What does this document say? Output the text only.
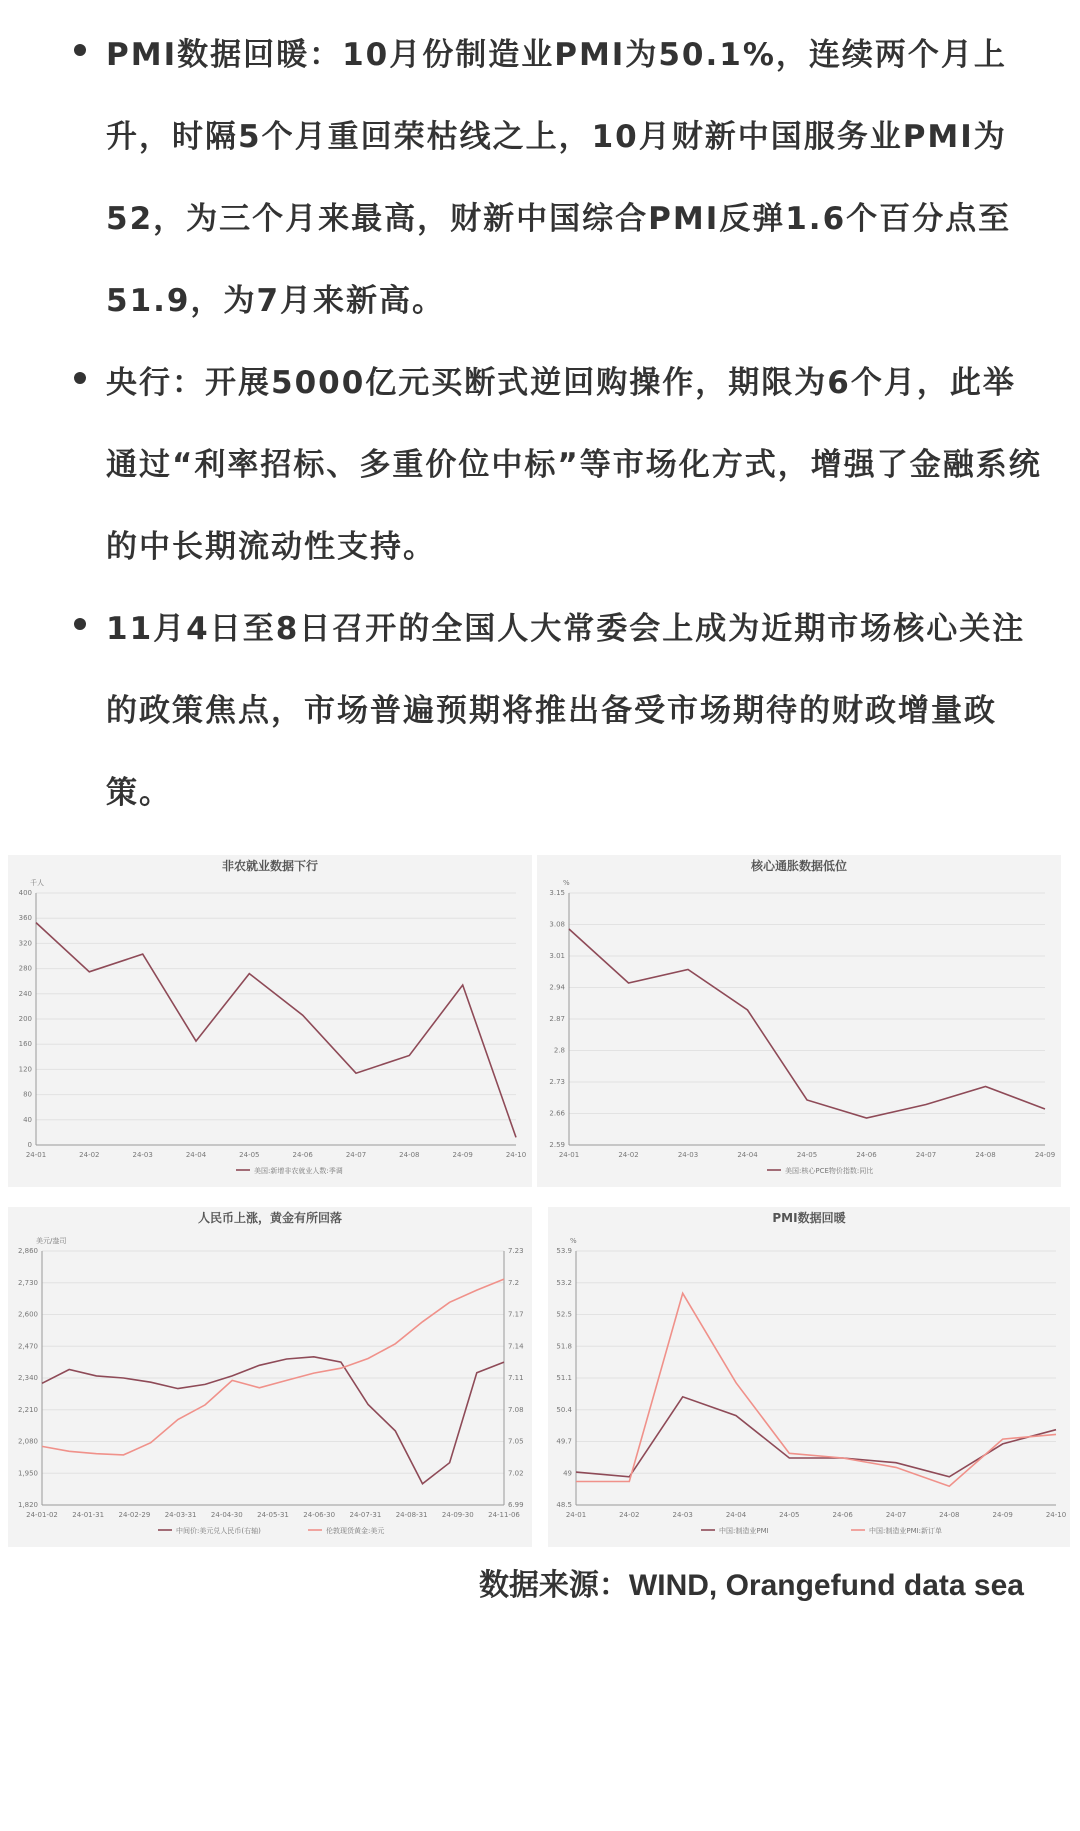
PMI数据回暖：10月份制造业PMI为50.1%，连续两个月上升，时隔5个月重回荣枯线之上，10月财新中国服务业PMI为52，为三个月来最高，财新中国综合PMI反弹1.6个百分点至51.9，为7月来新高。
央行：开展5000亿元买断式逆回购操作，期限为6个月，此举通过“利率招标、多重价位中标”等市场化方式，增强了金融系统的中长期流动性支持。
11月4日至8日召开的全国人大常委会上成为近期市场核心关注的政策焦点，市场普遍预期将推出备受市场期待的财政增量政策。
非农就业数据下行
0
40
80
120
160
200
240
280
320
360
400
千人
24-01	24-02	24-03	24-04	24-05	24-06	24-07	24-08	24-09	24-10
美国:新增非农就业人数:季调
核心通胀数据低位
2.59
2.66
2.73
2.8
2.87
2.94
3.01
3.08
3.15
%
24-01	24-02	24-03	24-04	24-05	24-06	24-07	24-08	24-09
美国:核心PCE物价指数:同比
人民币上涨，黄金有所回落
1,820
1,950
2,080
2,210
2,340
2,470
2,600
2,730
2,860
6.99
7.02
7.05
7.08
7.11
7.14
7.17
7.2
7.23
美元/盎司
24-01-02 24-01-31 24-02-29 24-03-31 24-04-30 24-05-31 24-06-30 24-07-31 24-08-31 24-09-30 24-11-06
中间价:美元兑人民币(右轴)	伦敦现货黄金:美元
PMI数据回暖
48.5
49
49.7
50.4
51.1
51.8
52.5
53.2
53.9
%
24-01	24-02	24-03	24-04	24-05	24-06	24-07	24-08	24-09	24-10
中国:制造业PMI	中国:制造业PMI:新订单
数据来源：WIND, Orangefund data sea
